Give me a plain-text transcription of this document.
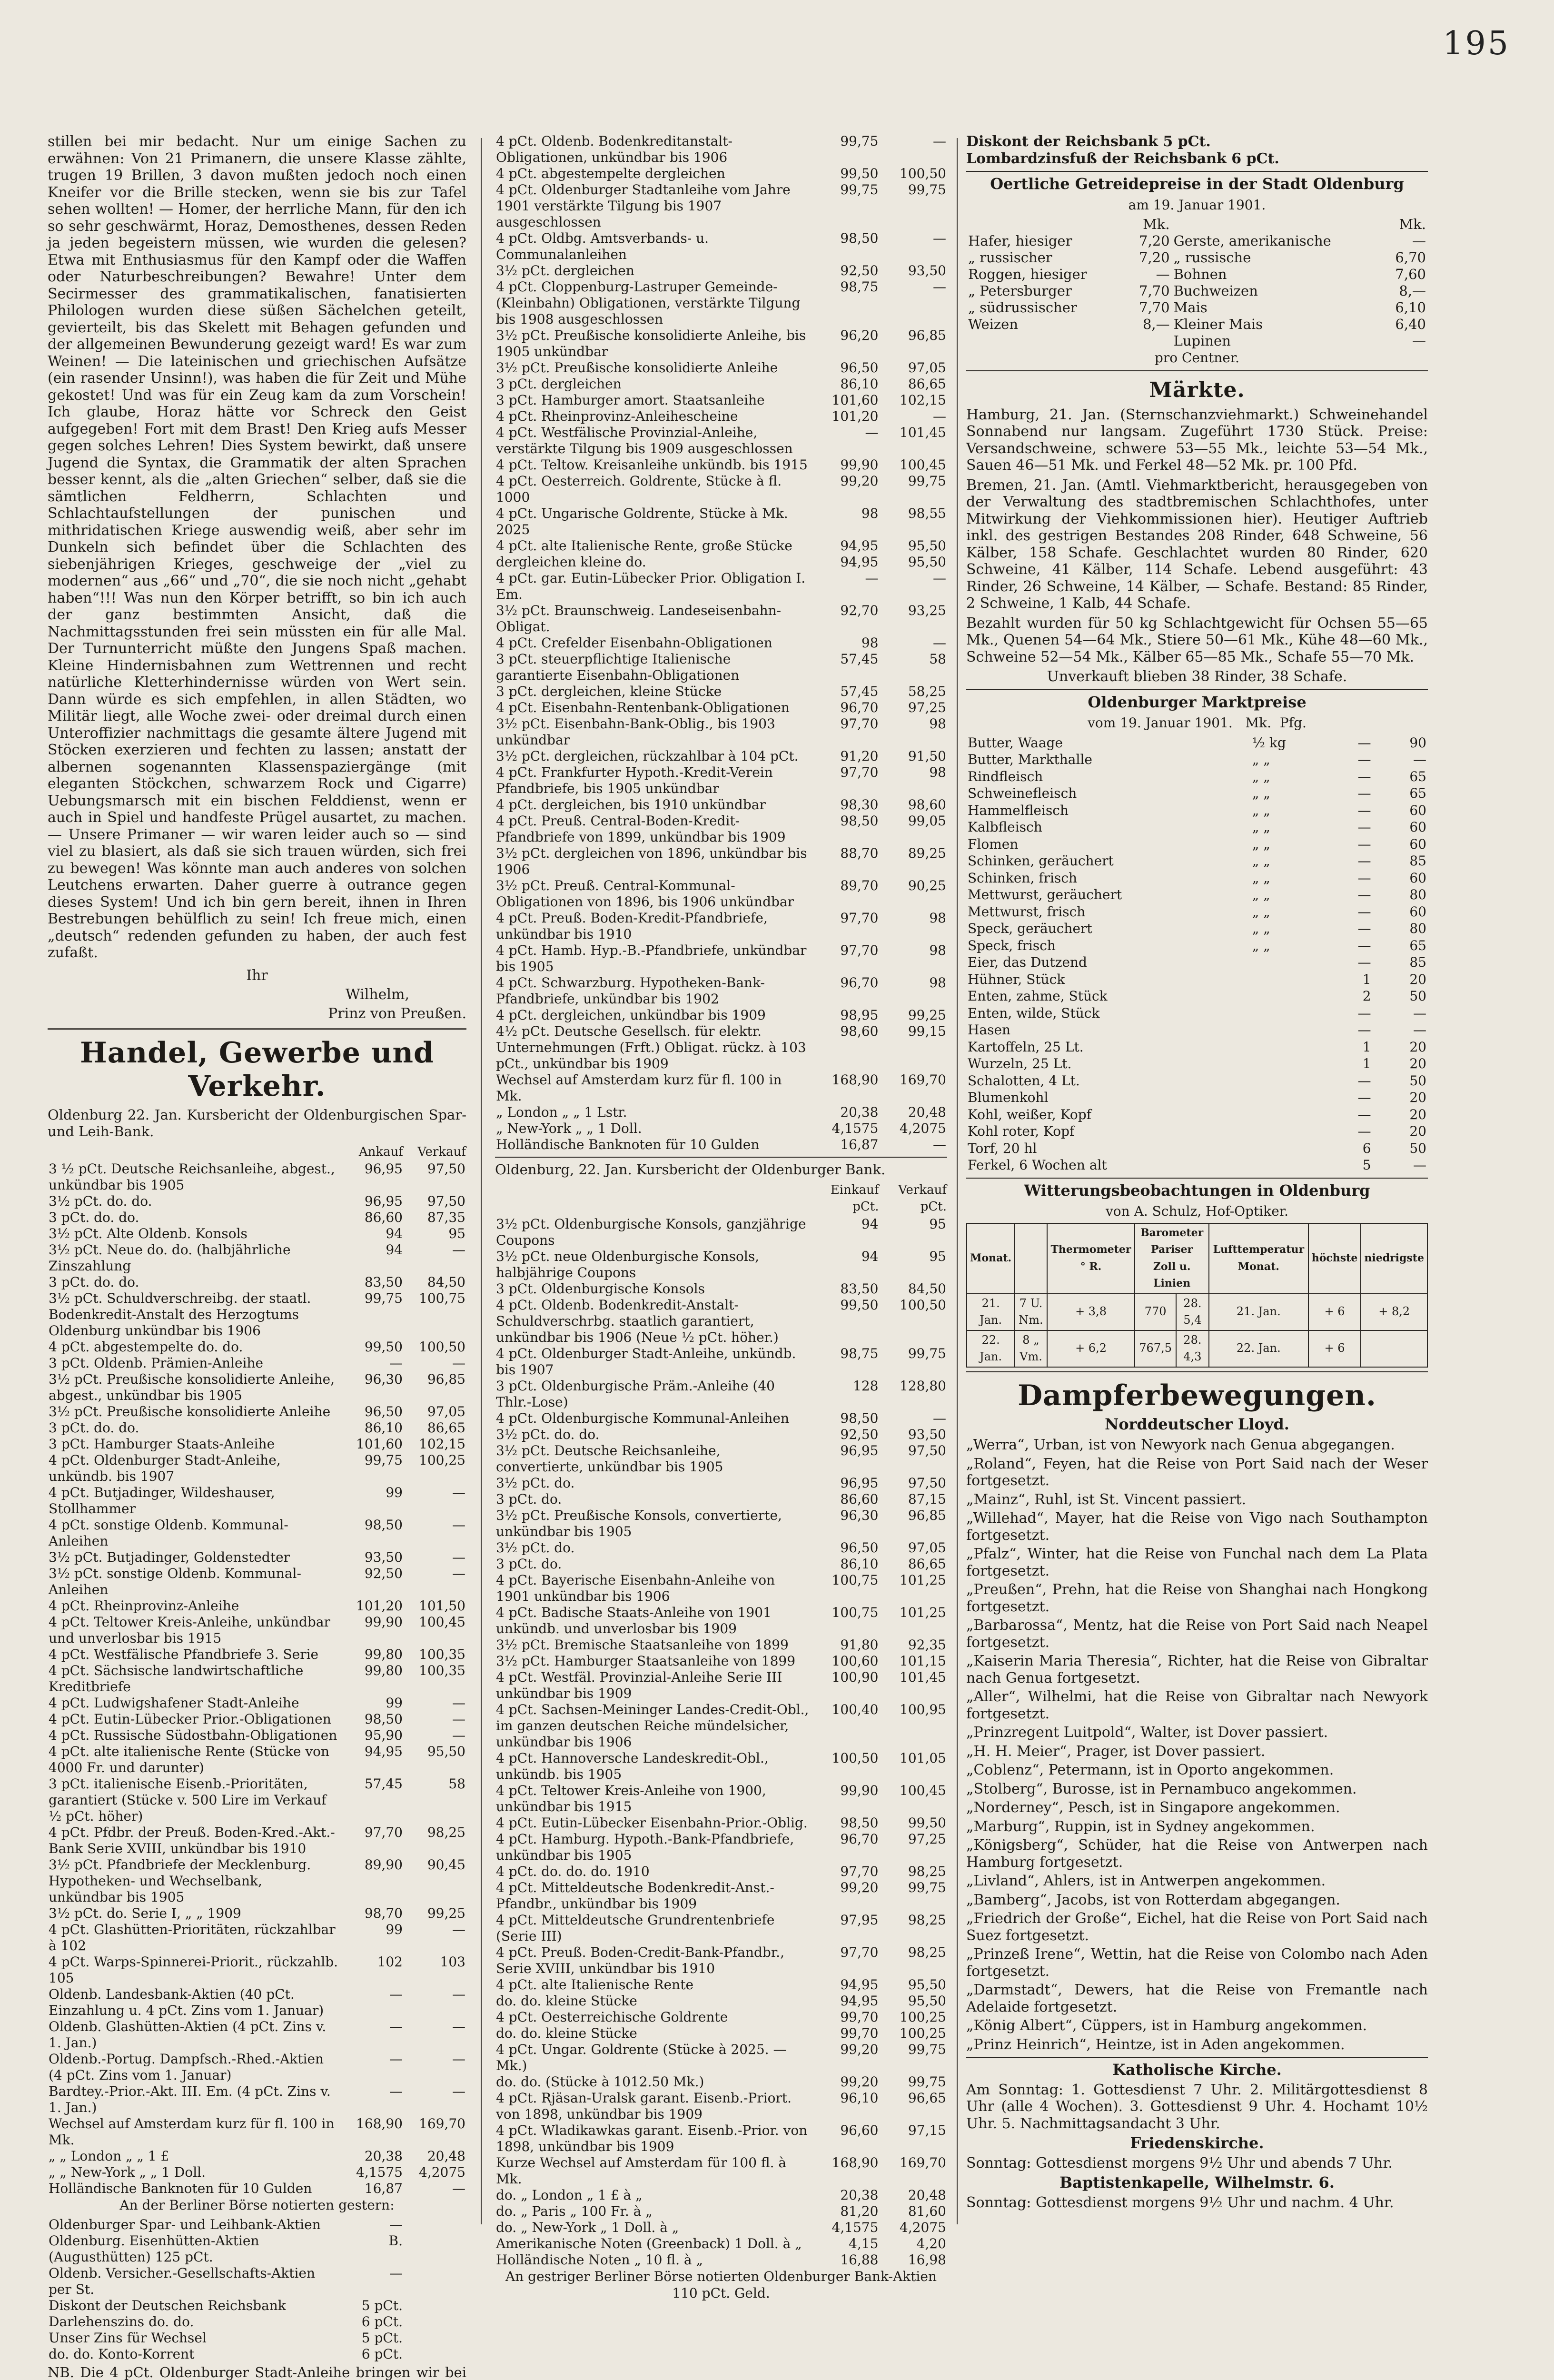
195

stillen bei mir bedacht. Nur um einige Sachen zu erwähnen: Von 21 Primanern, die unsere Klasse zählte, trugen 19 Brillen, 3 davon mußten jedoch noch einen Kneifer vor die Brille stecken, wenn sie bis zur Tafel sehen wollten! — Homer, der herrliche Mann, für den ich so sehr geschwärmt, Horaz, Demosthenes, dessen Reden ja jeden begeistern müssen, wie wurden die gelesen? Etwa mit Enthusiasmus für den Kampf oder die Waffen oder Naturbeschreibungen? Bewahre! Unter dem Secirmesser des grammatikalischen, fanatisierten Philologen wurden diese süßen Sächelchen geteilt, gevierteilt, bis das Skelett mit Behagen gefunden und der allgemeinen Bewunderung gezeigt ward! Es war zum Weinen! — Die lateinischen und griechischen Aufsätze (ein rasender Unsinn!), was haben die für Zeit und Mühe gekostet! Und was für ein Zeug kam da zum Vorschein! Ich glaube, Horaz hätte vor Schreck den Geist aufgegeben! Fort mit dem Brast! Den Krieg aufs Messer gegen solches Lehren! Dies System bewirkt, daß unsere Jugend die Syntax, die Grammatik der alten Sprachen besser kennt, als die „alten Griechen“ selber, daß sie die sämtlichen Feldherrn, Schlachten und Schlachtaufstellungen der punischen und mithridatischen Kriege auswendig weiß, aber sehr im Dunkeln sich befindet über die Schlachten des siebenjährigen Krieges, geschweige der „viel zu modernen“ aus „66“ und „70“, die sie noch nicht „gehabt haben“!!! Was nun den Körper betrifft, so bin ich auch der ganz bestimmten Ansicht, daß die Nachmittagsstunden frei sein müssten ein für alle Mal. Der Turnunterricht müßte den Jungens Spaß machen. Kleine Hindernisbahnen zum Wettrennen und recht natürliche Kletterhindernisse würden von Wert sein. Dann würde es sich empfehlen, in allen Städten, wo Militär liegt, alle Woche zwei- oder dreimal durch einen Unteroffizier nachmittags die gesamte ältere Jugend mit Stöcken exerzieren und fechten zu lassen; anstatt der albernen sogenannten Klassenspaziergänge (mit eleganten Stöckchen, schwarzem Rock und Cigarre) Uebungsmarsch mit ein bischen Felddienst, wenn er auch in Spiel und handfeste Prügel ausartet, zu machen. — Unsere Primaner — wir waren leider auch so — sind viel zu blasiert, als daß sie sich trauen würden, sich frei zu bewegen! Was könnte man auch anderes von solchen Leutchens erwarten. Daher guerre à outrance gegen dieses System! Und ich bin gern bereit, ihnen in Ihren Bestrebungen behülflich zu sein! Ich freue mich, einen „deutsch“ redenden gefunden zu haben, der auch fest zufaßt.

Ihr
Wilhelm,
Prinz von Preußen.
Handel, Gewerbe und Verkehr.
Oldenburg 22. Jan. Kursbericht der Oldenburgischen Spar- und Leih-Bank.
	Ankauf	Verkauf
3 ½ pCt. Deutsche Reichsanleihe, abgest., unkündbar bis 1905	96,95	97,50
3½ pCt. do. do.	96,95	97,50
3 pCt. do. do.	86,60	87,35
3½ pCt. Alte Oldenb. Konsols	94	95
3½ pCt. Neue do. do. (halbjährliche Zinszahlung	94	—
3 pCt. do. do.	83,50	84,50
3½ pCt. Schuldverschreibg. der staatl. Bodenkredit-Anstalt des Herzogtums Oldenburg unkündbar bis 1906	99,75	100,75
4 pCt. abgestempelte do. do.	99,50	100,50
3 pCt. Oldenb. Prämien-Anleihe	—	—
3½ pCt. Preußische konsolidierte Anleihe, abgest., unkündbar bis 1905	96,30	96,85
3½ pCt. Preußische konsolidierte Anleihe	96,50	97,05
3 pCt. do. do.	86,10	86,65
3 pCt. Hamburger Staats-Anleihe	101,60	102,15
4 pCt. Oldenburger Stadt-Anleihe, unkündb. bis 1907	99,75	100,25
4 pCt. Butjadinger, Wildeshauser, Stollhammer	99	—
4 pCt. sonstige Oldenb. Kommunal-Anleihen	98,50	—
3½ pCt. Butjadinger, Goldenstedter	93,50	—
3½ pCt. sonstige Oldenb. Kommunal-Anleihen	92,50	—
4 pCt. Rheinprovinz-Anleihe	101,20	101,50
4 pCt. Teltower Kreis-Anleihe, unkündbar und unverlosbar bis 1915	99,90	100,45
4 pCt. Westfälische Pfandbriefe 3. Serie	99,80	100,35
4 pCt. Sächsische landwirtschaftliche Kreditbriefe	99,80	100,35
4 pCt. Ludwigshafener Stadt-Anleihe	99	—
4 pCt. Eutin-Lübecker Prior.-Obligationen	98,50	—
4 pCt. Russische Südostbahn-Obligationen	95,90	—
4 pCt. alte italienische Rente (Stücke von 4000 Fr. und darunter)	94,95	95,50
3 pCt. italienische Eisenb.-Prioritäten, garantiert (Stücke v. 500 Lire im Verkauf ½ pCt. höher)	57,45	58
4 pCt. Pfdbr. der Preuß. Boden-Kred.-Akt.-Bank Serie XVIII, unkündbar bis 1910	97,70	98,25
3½ pCt. Pfandbriefe der Mecklenburg. Hypotheken- und Wechselbank, unkündbar bis 1905	89,90	90,45
3½ pCt. do. Serie I, „ „ 1909	98,70	99,25
4 pCt. Glashütten-Prioritäten, rückzahlbar à 102	99	—
4 pCt. Warps-Spinnerei-Priorit., rückzahlb. 105	102	103
Oldenb. Landesbank-Aktien (40 pCt. Einzahlung u. 4 pCt. Zins vom 1. Januar)	—	—
Oldenb. Glashütten-Aktien (4 pCt. Zins v. 1. Jan.)	—	—
Oldenb.-Portug. Dampfsch.-Rhed.-Aktien (4 pCt. Zins vom 1. Januar)	—	—
Bardtey.-Prior.-Akt. III. Em. (4 pCt. Zins v. 1. Jan.)	—	—
Wechsel auf Amsterdam kurz für fl. 100 in Mk.	168,90	169,70
„ „ London „ „ 1 £	20,38	20,48
„ „ New-York „ „ 1 Doll.	4,1575	4,2075
Holländische Banknoten für 10 Gulden	16,87	—
An der Berliner Börse notierten gestern:
Oldenburger Spar- und Leihbank-Aktien	—	
Oldenburg. Eisenhütten-Aktien (Augusthütten) 125 pCt.	B.	
Oldenb. Versicher.-Gesellschafts-Aktien per St.	—	
Diskont der Deutschen Reichsbank	5 pCt.	
Darlehenszins do. do.	6 pCt.	
Unser Zins für Wechsel	5 pCt.	
do. do. Konto-Korrent	6 pCt.	
NB. Die 4 pCt. Oldenburger Stadt-Anleihe bringen wir bei

4 pCt. Oldenb. Bodenkreditanstalt-Obligationen, unkündbar bis 1906	99,75	—
4 pCt. abgestempelte dergleichen	99,50	100,50
4 pCt. Oldenburger Stadtanleihe vom Jahre 1901 verstärkte Tilgung bis 1907 ausgeschlossen	99,75	99,75
4 pCt. Oldbg. Amtsverbands- u. Communalanleihen	98,50	—
3½ pCt. dergleichen	92,50	93,50
4 pCt. Cloppenburg-Lastruper Gemeinde- (Kleinbahn) Obligationen, verstärkte Tilgung bis 1908 ausgeschlossen	98,75	—
3½ pCt. Preußische konsolidierte Anleihe, bis 1905 unkündbar	96,20	96,85
3½ pCt. Preußische konsolidierte Anleihe	96,50	97,05
3 pCt. dergleichen	86,10	86,65
3 pCt. Hamburger amort. Staatsanleihe	101,60	102,15
4 pCt. Rheinprovinz-Anleihescheine	101,20	—
4 pCt. Westfälische Provinzial-Anleihe, verstärkte Tilgung bis 1909 ausgeschlossen	—	101,45
4 pCt. Teltow. Kreisanleihe unkündb. bis 1915	99,90	100,45
4 pCt. Oesterreich. Goldrente, Stücke à fl. 1000	99,20	99,75
4 pCt. Ungarische Goldrente, Stücke à Mk. 2025	98	98,55
4 pCt. alte Italienische Rente, große Stücke	94,95	95,50
dergleichen kleine do.	94,95	95,50
4 pCt. gar. Eutin-Lübecker Prior. Obligation I. Em.	—	—
3½ pCt. Braunschweig. Landeseisenbahn-Obligat.	92,70	93,25
4 pCt. Crefelder Eisenbahn-Obligationen	98	—
3 pCt. steuerpflichtige Italienische garantierte Eisenbahn-Obligationen	57,45	58
3 pCt. dergleichen, kleine Stücke	57,45	58,25
4 pCt. Eisenbahn-Rentenbank-Obligationen	96,70	97,25
3½ pCt. Eisenbahn-Bank-Oblig., bis 1903 unkündbar	97,70	98
3½ pCt. dergleichen, rückzahlbar à 104 pCt.	91,20	91,50
4 pCt. Frankfurter Hypoth.-Kredit-Verein Pfandbriefe, bis 1905 unkündbar	97,70	98
4 pCt. dergleichen, bis 1910 unkündbar	98,30	98,60
4 pCt. Preuß. Central-Boden-Kredit-Pfandbriefe von 1899, unkündbar bis 1909	98,50	99,05
3½ pCt. dergleichen von 1896, unkündbar bis 1906	88,70	89,25
3½ pCt. Preuß. Central-Kommunal-Obligationen von 1896, bis 1906 unkündbar	89,70	90,25
4 pCt. Preuß. Boden-Kredit-Pfandbriefe, unkündbar bis 1910	97,70	98
4 pCt. Hamb. Hyp.-B.-Pfandbriefe, unkündbar bis 1905	97,70	98
4 pCt. Schwarzburg. Hypotheken-Bank-Pfandbriefe, unkündbar bis 1902	96,70	98
4 pCt. dergleichen, unkündbar bis 1909	98,95	99,25
4½ pCt. Deutsche Gesellsch. für elektr. Unternehmungen (Frft.) Obligat. rückz. à 103 pCt., unkündbar bis 1909	98,60	99,15
Wechsel auf Amsterdam kurz für fl. 100 in Mk.	168,90	169,70
„ London „ „ 1 Lstr.	20,38	20,48
„ New-York „ „ 1 Doll.	4,1575	4,2075
Holländische Banknoten für 10 Gulden	16,87	—
Oldenburg, 22. Jan. Kursbericht der Oldenburger Bank.
	Einkauf pCt.	Verkauf pCt.
3½ pCt. Oldenburgische Konsols, ganzjährige Coupons	94	95
3½ pCt. neue Oldenburgische Konsols, halbjährige Coupons	94	95
3 pCt. Oldenburgische Konsols	83,50	84,50
4 pCt. Oldenb. Bodenkredit-Anstalt-Schuldverschrbg. staatlich garantiert, unkündbar bis 1906 (Neue ½ pCt. höher.)	99,50	100,50
4 pCt. Oldenburger Stadt-Anleihe, unkündb. bis 1907	98,75	99,75
3 pCt. Oldenburgische Präm.-Anleihe (40 Thlr.-Lose)	128	128,80
4 pCt. Oldenburgische Kommunal-Anleihen	98,50	—
3½ pCt. do. do.	92,50	93,50
3½ pCt. Deutsche Reichsanleihe, convertierte, unkündbar bis 1905	96,95	97,50
3½ pCt. do.	96,95	97,50
3 pCt. do.	86,60	87,15
3½ pCt. Preußische Konsols, convertierte, unkündbar bis 1905	96,30	96,85
3½ pCt. do.	96,50	97,05
3 pCt. do.	86,10	86,65
4 pCt. Bayerische Eisenbahn-Anleihe von 1901 unkündbar bis 1906	100,75	101,25
4 pCt. Badische Staats-Anleihe von 1901 unkündb. und unverlosbar bis 1909	100,75	101,25
3½ pCt. Bremische Staatsanleihe von 1899	91,80	92,35
3½ pCt. Hamburger Staatsanleihe von 1899	100,60	101,15
4 pCt. Westfäl. Provinzial-Anleihe Serie III unkündbar bis 1909	100,90	101,45
4 pCt. Sachsen-Meininger Landes-Credit-Obl., im ganzen deutschen Reiche mündelsicher, unkündbar bis 1906	100,40	100,95
4 pCt. Hannoversche Landeskredit-Obl., unkündb. bis 1905	100,50	101,05
4 pCt. Teltower Kreis-Anleihe von 1900, unkündbar bis 1915	99,90	100,45
4 pCt. Eutin-Lübecker Eisenbahn-Prior.-Oblig.	98,50	99,50
4 pCt. Hamburg. Hypoth.-Bank-Pfandbriefe, unkündbar bis 1905	96,70	97,25
4 pCt. do. do. do. 1910	97,70	98,25
4 pCt. Mitteldeutsche Bodenkredit-Anst.-Pfandbr., unkündbar bis 1909	99,20	99,75
4 pCt. Mitteldeutsche Grundrentenbriefe (Serie III)	97,95	98,25
4 pCt. Preuß. Boden-Credit-Bank-Pfandbr., Serie XVIII, unkündbar bis 1910	97,70	98,25
4 pCt. alte Italienische Rente	94,95	95,50
do. do. kleine Stücke	94,95	95,50
4 pCt. Oesterreichische Goldrente	99,70	100,25
do. do. kleine Stücke	99,70	100,25
4 pCt. Ungar. Goldrente (Stücke à 2025. — Mk.)	99,20	99,75
do. do. (Stücke à 1012.50 Mk.)	99,20	99,75
4 pCt. Rjäsan-Uralsk garant. Eisenb.-Priort. von 1898, unkündbar bis 1909	96,10	96,65
4 pCt. Wladikawkas garant. Eisenb.-Prior. von 1898, unkündbar bis 1909	96,60	97,15
Kurze Wechsel auf Amsterdam für 100 fl. à Mk.	168,90	169,70
do. „ London „ 1 £ à „	20,38	20,48
do. „ Paris „ 100 Fr. à „	81,20	81,60
do. „ New-York „ 1 Doll. à „	4,1575	4,2075
Amerikanische Noten (Greenback) 1 Doll. à „	4,15	4,20
Holländische Noten „ 10 fl. à „	16,88	16,98
An gestriger Berliner Börse notierten Oldenburger Bank-Aktien 110 pCt. Geld.
Diskont der Reichsbank 5 pCt.
Lombardzinsfuß der Reichsbank 6 pCt.
Oertliche Getreidepreise in der Stadt Oldenburg
am 19. Januar 1901.
	Mk.		Mk.
Hafer, hiesiger	7,20	Gerste, amerikanische	—
„ russischer	7,20	„ russische	6,70
Roggen, hiesiger	—	Bohnen	7,60
„ Petersburger	7,70	Buchweizen	8,—
„ südrussischer	7,70	Mais	6,10
Weizen	8,—	Kleiner Mais	6,40
		Lupinen	—
pro Centner.
Märkte.

Hamburg, 21. Jan. (Sternschanzviehmarkt.) Schweinehandel Sonnabend nur langsam. Zugeführt 1730 Stück. Preise: Versandschweine, schwere 53—55 Mk., leichte 53—54 Mk., Sauen 46—51 Mk. und Ferkel 48—52 Mk. pr. 100 Pfd.

Bremen, 21. Jan. (Amtl. Viehmarktbericht, herausgegeben von der Verwaltung des stadtbremischen Schlachthofes, unter Mitwirkung der Viehkommissionen hier). Heutiger Auftrieb inkl. des gestrigen Bestandes 208 Rinder, 648 Schweine, 56 Kälber, 158 Schafe. Geschlachtet wurden 80 Rinder, 620 Schweine, 41 Kälber, 114 Schafe. Lebend ausgeführt: 43 Rinder, 26 Schweine, 14 Kälber, — Schafe. Bestand: 85 Rinder, 2 Schweine, 1 Kalb, 44 Schafe.

Bezahlt wurden für 50 kg Schlachtgewicht für Ochsen 55—65 Mk., Quenen 54—64 Mk., Stiere 50—61 Mk., Kühe 48—60 Mk., Schweine 52—54 Mk., Kälber 65—85 Mk., Schafe 55—70 Mk.

Unverkauft blieben 38 Rinder, 38 Schafe.

Oldenburger Marktpreise
vom 19. Januar 1901. Mk. Pfg.
Butter, Waage	½ kg	—	90
Butter, Markthalle	„ „	—	—
Rindfleisch	„ „	—	65
Schweinefleisch	„ „	—	65
Hammelfleisch	„ „	—	60
Kalbfleisch	„ „	—	60
Flomen	„ „	—	60
Schinken, geräuchert	„ „	—	85
Schinken, frisch	„ „	—	60
Mettwurst, geräuchert	„ „	—	80
Mettwurst, frisch	„ „	—	60
Speck, geräuchert	„ „	—	80
Speck, frisch	„ „	—	65
Eier, das Dutzend		—	85
Hühner, Stück		1	20
Enten, zahme, Stück		2	50
Enten, wilde, Stück		—	—
Hasen		—	—
Kartoffeln, 25 Lt.		1	20
Wurzeln, 25 Lt.		1	20
Schalotten, 4 Lt.		—	50
Blumenkohl		—	20
Kohl, weißer, Kopf		—	20
Kohl roter, Kopf		—	20
Torf, 20 hl		6	50
Ferkel, 6 Wochen alt		5	—
Witterungsbeobachtungen in Oldenburg
von A. Schulz, Hof-Optiker.
Monat.		Thermometer ° R.	Barometer Pariser Zoll u. Linien		Lufttemperatur Monat.	höchste	niedrigste
21. Jan.	7 U. Nm.	+ 3,8	770	28. 5,4	21. Jan.	+ 6	+ 8,2
22. Jan.	8 „ Vm.	+ 6,2	767,5	28. 4,3	22. Jan.	+ 6	
Dampferbewegungen.
Norddeutscher Lloyd.

„Werra“, Urban, ist von Newyork nach Genua abgegangen.

„Roland“, Feyen, hat die Reise von Port Said nach der Weser fortgesetzt.

„Mainz“, Ruhl, ist St. Vincent passiert.

„Willehad“, Mayer, hat die Reise von Vigo nach Southampton fortgesetzt.

„Pfalz“, Winter, hat die Reise von Funchal nach dem La Plata fortgesetzt.

„Preußen“, Prehn, hat die Reise von Shanghai nach Hongkong fortgesetzt.

„Barbarossa“, Mentz, hat die Reise von Port Said nach Neapel fortgesetzt.

„Kaiserin Maria Theresia“, Richter, hat die Reise von Gibraltar nach Genua fortgesetzt.

„Aller“, Wilhelmi, hat die Reise von Gibraltar nach Newyork fortgesetzt.

„Prinzregent Luitpold“, Walter, ist Dover passiert.

„H. H. Meier“, Prager, ist Dover passiert.

„Coblenz“, Petermann, ist in Oporto angekommen.

„Stolberg“, Burosse, ist in Pernambuco angekommen.

„Norderney“, Pesch, ist in Singapore angekommen.

„Marburg“, Ruppin, ist in Sydney angekommen.

„Königsberg“, Schüder, hat die Reise von Antwerpen nach Hamburg fortgesetzt.

„Livland“, Ahlers, ist in Antwerpen angekommen.

„Bamberg“, Jacobs, ist von Rotterdam abgegangen.

„Friedrich der Große“, Eichel, hat die Reise von Port Said nach Suez fortgesetzt.

„Prinzeß Irene“, Wettin, hat die Reise von Colombo nach Aden fortgesetzt.

„Darmstadt“, Dewers, hat die Reise von Fremantle nach Adelaide fortgesetzt.

„König Albert“, Cüppers, ist in Hamburg angekommen.

„Prinz Heinrich“, Heintze, ist in Aden angekommen.

Katholische Kirche.

Am Sonntag: 1. Gottesdienst 7 Uhr. 2. Militärgottesdienst 8 Uhr (alle 4 Wochen). 3. Gottesdienst 9 Uhr. 4. Hochamt 10½ Uhr. 5. Nachmittagsandacht 3 Uhr.

Friedenskirche.

Sonntag: Gottesdienst morgens 9½ Uhr und abends 7 Uhr.

Baptistenkapelle, Wilhelmstr. 6.

Sonntag: Gottesdienst morgens 9½ Uhr und nachm. 4 Uhr.
